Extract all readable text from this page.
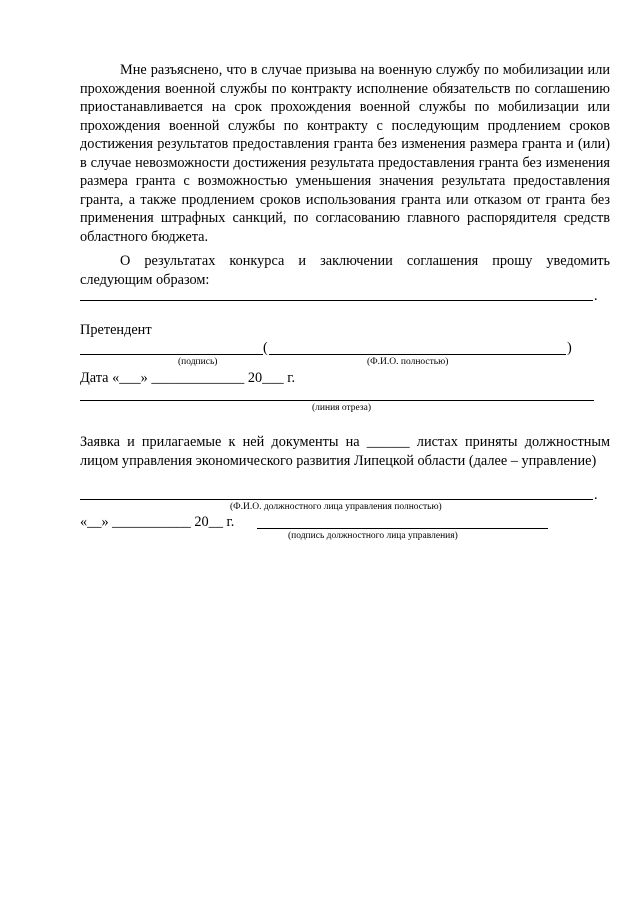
Мне разъяснено, что в случае призыва на военную службу по мобилизации или прохождения военной службы по контракту исполнение обязательств по соглашению приостанавливается на срок прохождения военной службы по мобилизации или прохождения военной службы по контракту с последующим продлением сроков достижения результатов предоставления гранта без изменения размера гранта и (или) в случае невозможности достижения результата предоставления гранта без изменения размера гранта с возможностью уменьшения значения результата предоставления гранта, а также продлением сроков использования гранта или отказом от гранта без применения штрафных санкций, по согласованию главного распорядителя средств областного бюджета.

О результатах конкурса и заключении соглашения прошу уведомить следующим образом:

.
Претендент
(	)
(подпись)	(Ф.И.О. полностью)
Дата «___» _____________ 20___ г.
(линия отреза)

Заявка и прилагаемые к ней документы на ______ листах приняты должностным лицом управления экономического развития Липецкой области (далее – управление)

.
(Ф.И.О. должностного лица управления полностью)
«__» ___________ 20__ г.
(подпись должностного лица управления)
